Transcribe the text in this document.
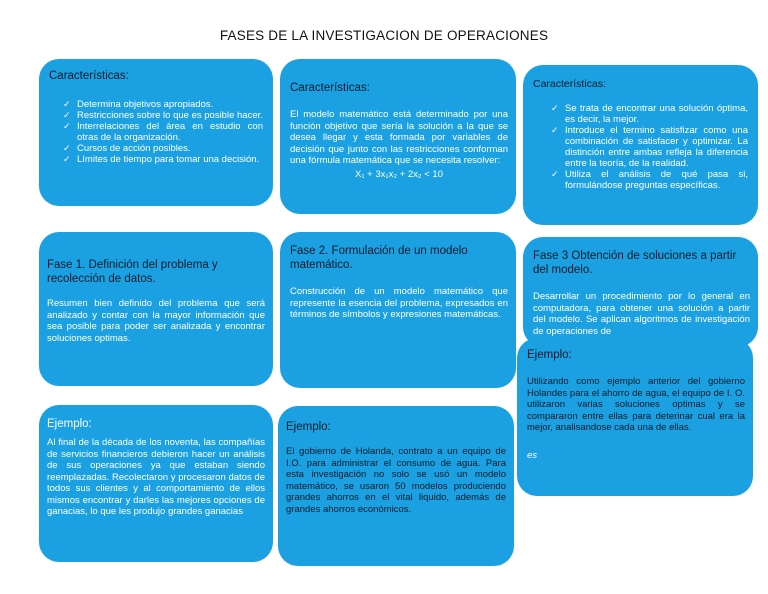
FASES DE LA INVESTIGACION DE OPERACIONES
Características:
✓ Determina objetivos apropiados.
✓ Restricciones sobre lo que es posible hacer.
✓ Interrelaciones del área en estudio con otras de la organización.
✓ Cursos de acción posibles.
✓ Límites de tiempo para tomar una decisión.
Fase 1. Definición del problema y recolección de datos.

Resumen bien definido del problema que será analizado y contar con la mayor información que sea posible para poder ser analizada y encontrar soluciones optimas.

Ejemplo:

Al final de la década de los noventa, las compañías de servicios financieros debieron hacer un análisis de sus operaciones ya que estaban siendo reemplazadas. Recolectaron y procesaron datos de todos sus clientes y al comportamiento de ellos mismos encontrar y darles las mejores opciones de ganacias, lo que les produjo grandes ganacias

Características:

El modelo matemático está determinado por una función objetivo que sería la solución a la que se desea llegar y esta formada por variables de decisión que junto con las restricciones conforman una fórmula matemática que se necesita resolver:

X₁ + 3x₁x₂ + 2x₂ < 10
Fase 2. Formulación de un modelo matemático.

Construcción de un modelo matemático que represente la esencia del problema, expresados en términos de símbolos y expresiones matemáticas.

Ejemplo:

El gobierno de Holanda, contrato a un equipo de I.O. para administrar el consumo de agua. Para esta investigación no solo se usó un modelo matemático, se usaron 50 modelos produciendo grandes ahorros en el vital liquido, además de grandes ahorros económicos.

Características:
✓ Se trata de encontrar una solución óptima, es decir, la mejor.
✓ Introduce el termino satisfizar como una combinación de satisfacer y optimizar. La distinción entre ambas refleja la diferencia entre la teoría, de la realidad.
✓ Utiliza el análisis de qué pasa si, formulándose preguntas específicas.
Fase 3 Obtención de soluciones a partir del modelo.

Desarrollar un procedimiento por lo general en computadora, para obtener una solución a partir del modelo. Se aplican algoritmos de investigación de operaciones de

Ejemplo:

Utilizando como ejemplo anterior del gobierno Holandes para el ahorro de agua, el equipo de I. O. utilizaron varias soluciones optimas y se compararon entre ellas para deterinar cual era la mejor, analisandose cada una de ellas.

es
